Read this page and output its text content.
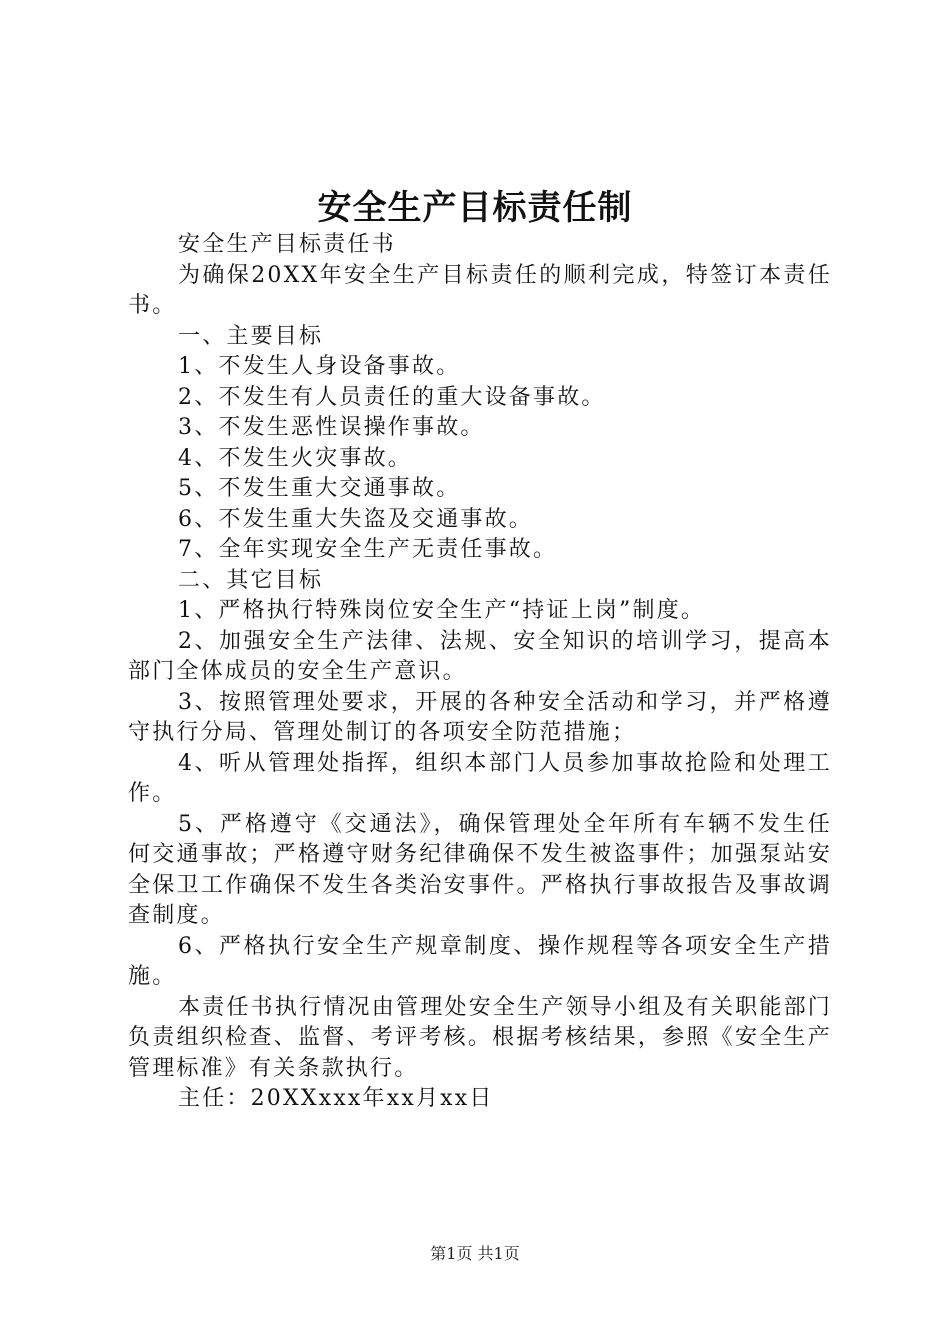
安全生产目标责任制

安全生产目标责任书

为确保20XX年安全生产目标责任的顺利完成，特签订本责任书。

一、主要目标

1、不发生人身设备事故。

2、不发生有人员责任的重大设备事故。

3、不发生恶性误操作事故。

4、不发生火灾事故。

5、不发生重大交通事故。

6、不发生重大失盗及交通事故。

7、全年实现安全生产无责任事故。

二、其它目标

1、严格执行特殊岗位安全生产“持证上岗”制度。

2、加强安全生产法律、法规、安全知识的培训学习，提高本部门全体成员的安全生产意识。

3、按照管理处要求，开展的各种安全活动和学习，并严格遵守执行分局、管理处制订的各项安全防范措施；

4、听从管理处指挥，组织本部门人员参加事故抢险和处理工作。

5、严格遵守《交通法》，确保管理处全年所有车辆不发生任何交通事故；严格遵守财务纪律确保不发生被盗事件；加强泵站安全保卫工作确保不发生各类治安事件。严格执行事故报告及事故调查制度。

6、严格执行安全生产规章制度、操作规程等各项安全生产措施。

本责任书执行情况由管理处安全生产领导小组及有关职能部门负责组织检查、监督、考评考核。根据考核结果，参照《安全生产管理标准》有关条款执行。

主任：20XXxxx年xx月xx日

第1页 共1页
